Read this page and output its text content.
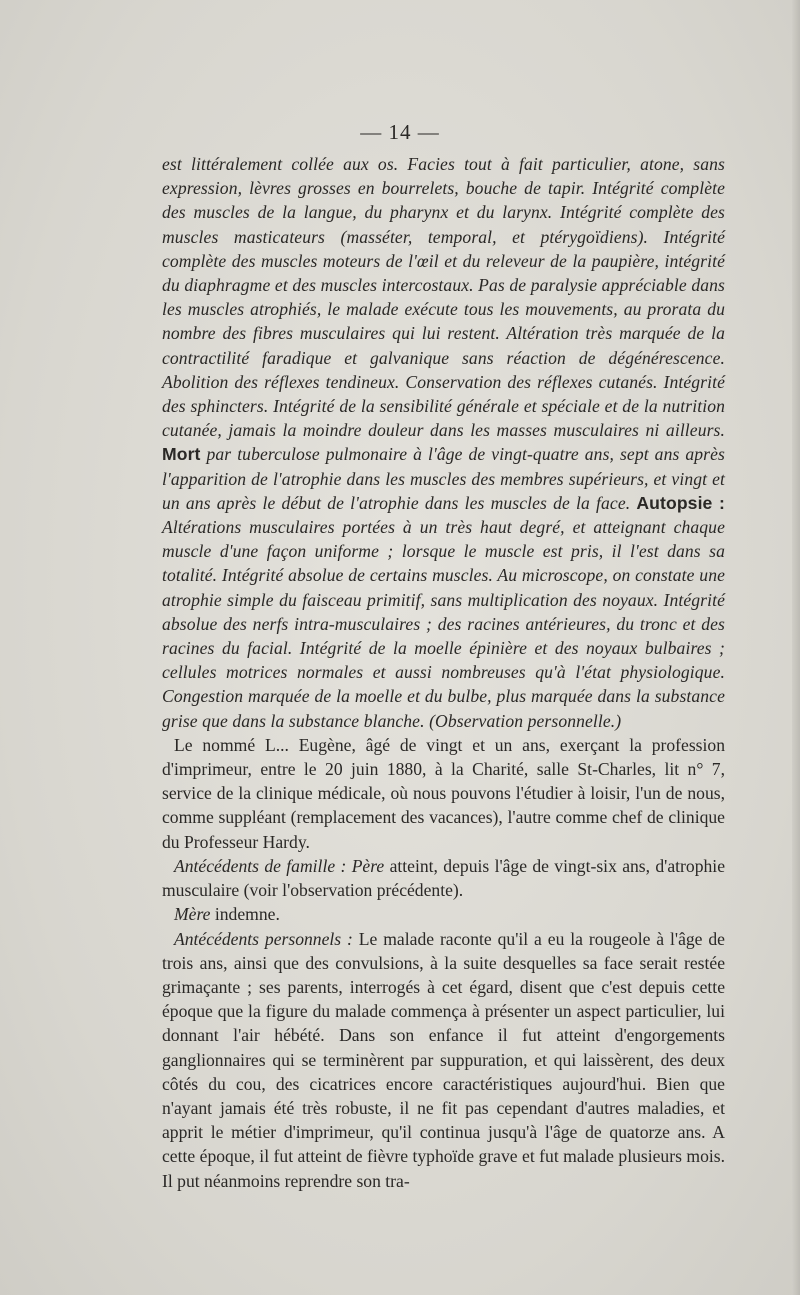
— 14 —

est littéralement collée aux os. Facies tout à fait particulier, atone, sans expression, lèvres grosses en bourrelets, bouche de tapir. Intégrité complète des muscles de la langue, du pharynx et du larynx. Intégrité complète des muscles masticateurs (masséter, temporal, et ptérygoïdiens). Intégrité complète des muscles moteurs de l'œil et du releveur de la paupière, intégrité du diaphragme et des muscles intercostaux. Pas de paralysie appréciable dans les muscles atrophiés, le malade exécute tous les mouvements, au prorata du nombre des fibres musculaires qui lui restent. Altération très marquée de la contractilité faradique et galvanique sans réaction de dégénérescence. Abolition des réflexes tendineux. Conservation des réflexes cutanés. Intégrité des sphincters. Intégrité de la sensibilité générale et spéciale et de la nutrition cutanée, jamais la moindre douleur dans les masses musculaires ni ailleurs. Mort par tuberculose pulmonaire à l'âge de vingt-quatre ans, sept ans après l'apparition de l'atrophie dans les muscles des membres supérieurs, et vingt et un ans après le début de l'atrophie dans les muscles de la face. Autopsie : Altérations musculaires portées à un très haut degré, et atteignant chaque muscle d'une façon uniforme ; lorsque le muscle est pris, il l'est dans sa totalité. Intégrité absolue de certains muscles. Au microscope, on constate une atrophie simple du faisceau primitif, sans multiplication des noyaux. Intégrité absolue des nerfs intra-musculaires ; des racines antérieures, du tronc et des racines du facial. Intégrité de la moelle épinière et des noyaux bulbaires ; cellules motrices normales et aussi nombreuses qu'à l'état physiologique. Congestion marquée de la moelle et du bulbe, plus marquée dans la substance grise que dans la substance blanche. (Observation personnelle.)

Le nommé L... Eugène, âgé de vingt et un ans, exerçant la profession d'imprimeur, entre le 20 juin 1880, à la Charité, salle St-Charles, lit n° 7, service de la clinique médicale, où nous pouvons l'étudier à loisir, l'un de nous, comme suppléant (remplacement des vacances), l'autre comme chef de clinique du Professeur Hardy.

Antécédents de famille : Père atteint, depuis l'âge de vingt-six ans, d'atrophie musculaire (voir l'observation précédente).

Mère indemne.

Antécédents personnels : Le malade raconte qu'il a eu la rougeole à l'âge de trois ans, ainsi que des convulsions, à la suite desquelles sa face serait restée grimaçante ; ses parents, interrogés à cet égard, disent que c'est depuis cette époque que la figure du malade commença à présenter un aspect particulier, lui donnant l'air hébété. Dans son enfance il fut atteint d'engorgements ganglionnaires qui se terminèrent par suppuration, et qui laissèrent, des deux côtés du cou, des cicatrices encore caractéristiques aujourd'hui. Bien que n'ayant jamais été très robuste, il ne fit pas cependant d'autres maladies, et apprit le métier d'imprimeur, qu'il continua jusqu'à l'âge de quatorze ans. A cette époque, il fut atteint de fièvre typhoïde grave et fut malade plusieurs mois. Il put néanmoins reprendre son tra-
